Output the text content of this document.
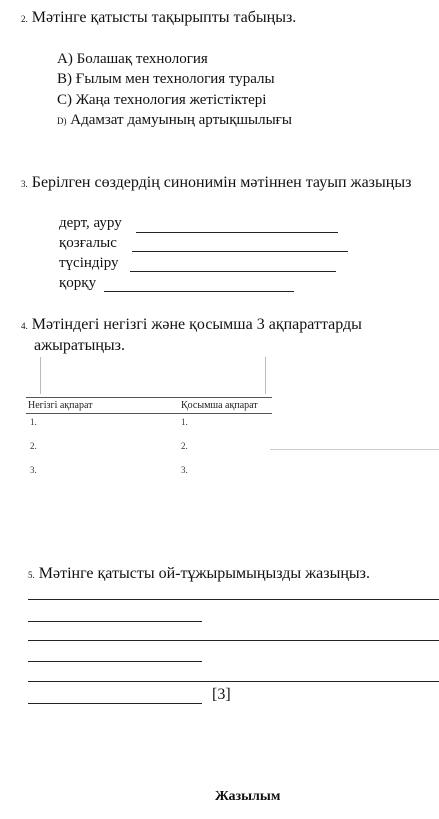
2. Мәтінге қатысты тақырыпты табыңыз.
A) Болашақ технология
B) Ғылым мен технология туралы
C) Жаңа технология жетістіктері
D) Адамзат дамуының артықшылығы
3. Берілген сөздердің синонимін мәтіннен тауып жазыңыз
дерт, ауру
қозғалыс
түсіндіру
қорқу
4. Мәтіндегі негізгі және қосымша 3 ақпараттарды
ажыратыңыз.
Негізгі ақпарат	Қосымша ақпарат
1.	1.
2.	2.
3.	3.
5. Мәтінге қатысты ой-тұжырымыңызды жазыңыз.
[3]
Жазылым
